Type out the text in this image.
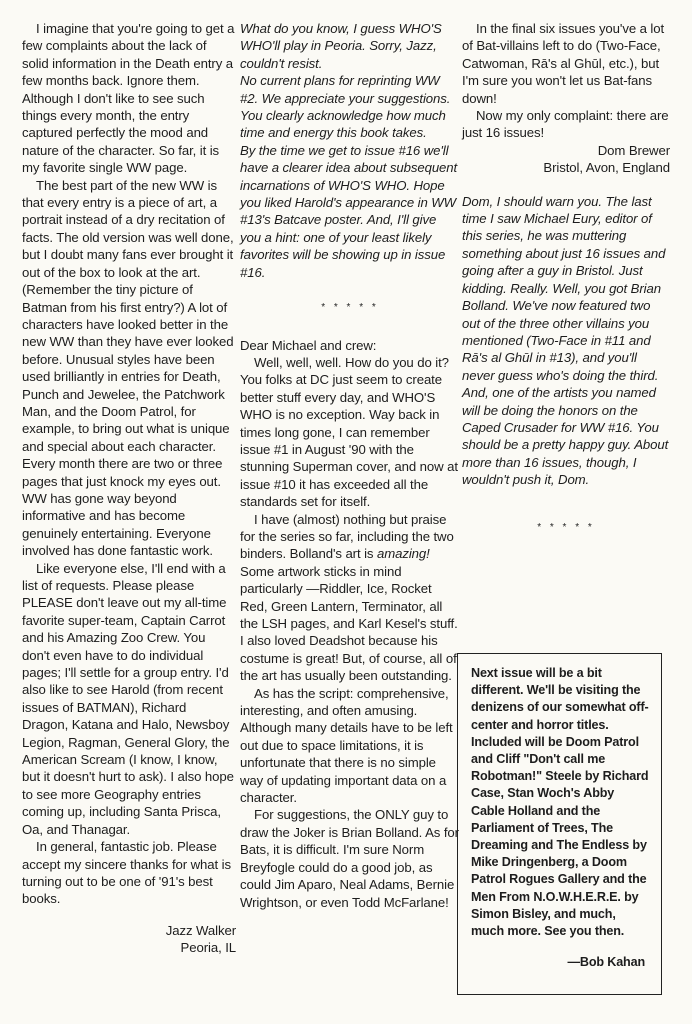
I imagine that you're going to get a few complaints about the lack of solid information in the Death entry a few months back. Ignore them. Although I don't like to see such things every month, the entry captured perfectly the mood and nature of the character. So far, it is my favorite single WW page.

The best part of the new WW is that every entry is a piece of art, a portrait instead of a dry recitation of facts. The old version was well done, but I doubt many fans ever brought it out of the box to look at the art. (Remember the tiny picture of Batman from his first entry?) A lot of characters have looked better in the new WW than they have ever looked before. Unusual styles have been used brilliantly in entries for Death, Punch and Jewelee, the Patchwork Man, and the Doom Patrol, for example, to bring out what is unique and special about each character. Every month there are two or three pages that just knock my eyes out. WW has gone way beyond informative and has become genuinely entertaining. Everyone involved has done fantastic work.

Like everyone else, I'll end with a list of requests. Please please PLEASE don't leave out my all-time favorite super-team, Captain Carrot and his Amazing Zoo Crew. You don't even have to do individual pages; I'll settle for a group entry. I'd also like to see Harold (from recent issues of BATMAN), Richard Dragon, Katana and Halo, Newsboy Legion, Ragman, General Glory, the American Scream (I know, I know, but it doesn't hurt to ask). I also hope to see more Geography entries coming up, including Santa Prisca, Oa, and Thanagar.

In general, fantastic job. Please accept my sincere thanks for what is turning out to be one of '91's best books.

Jazz Walker

Peoria, IL

What do you know, I guess WHO'S WHO'll play in Peoria. Sorry, Jazz, couldn't resist.

No current plans for reprinting WW #2. We appreciate your suggestions. You clearly acknowledge how much time and energy this book takes.

By the time we get to issue #16 we'll have a clearer idea about subsequent incarnations of WHO'S WHO. Hope you liked Harold's appearance in WW #13's Batcave poster. And, I'll give you a hint: one of your least likely favorites will be showing up in issue #16.

* * * * *

Dear Michael and crew:

Well, well, well. How do you do it? You folks at DC just seem to create better stuff every day, and WHO'S WHO is no exception. Way back in times long gone, I can remember issue #1 in August '90 with the stunning Superman cover, and now at issue #10 it has exceeded all the standards set for itself.

I have (almost) nothing but praise for the series so far, including the two binders. Bolland's art is amazing! Some artwork sticks in mind particularly —Riddler, Ice, Rocket Red, Green Lantern, Terminator, all the LSH pages, and Karl Kesel's stuff. I also loved Deadshot because his costume is great! But, of course, all of the art has usually been outstanding.

As has the script: comprehensive, interesting, and often amusing. Although many details have to be left out due to space limitations, it is unfortunate that there is no simple way of updating important data on a character.

For suggestions, the ONLY guy to draw the Joker is Brian Bolland. As for Bats, it is difficult. I'm sure Norm Breyfogle could do a good job, as could Jim Aparo, Neal Adams, Bernie Wrightson, or even Todd McFarlane!

In the final six issues you've a lot of Bat-villains left to do (Two-Face, Catwoman, Rā's al Ghūl, etc.), but I'm sure you won't let us Bat-fans down!

Now my only complaint: there are just 16 issues!

Dom Brewer

Bristol, Avon, England

Dom, I should warn you. The last time I saw Michael Eury, editor of this series, he was muttering something about just 16 issues and going after a guy in Bristol. Just kidding. Really. Well, you got Brian Bolland. We've now featured two out of the three other villains you mentioned (Two-Face in #11 and Rā's al Ghūl in #13), and you'll never guess who's doing the third. And, one of the artists you named will be doing the honors on the Caped Crusader for WW #16. You should be a pretty happy guy. About more than 16 issues, though, I wouldn't push it, Dom.

* * * * *

Next issue will be a bit different. We'll be visiting the denizens of our somewhat off-center and horror titles. Included will be Doom Patrol and Cliff "Don't call me Robotman!" Steele by Richard Case, Stan Woch's Abby Cable Holland and the Parliament of Trees, The Dreaming and The Endless by Mike Dringenberg, a Doom Patrol Rogues Gallery and the Men From N.O.W.H.E.R.E. by Simon Bisley, and much, much more. See you then.

—Bob Kahan
